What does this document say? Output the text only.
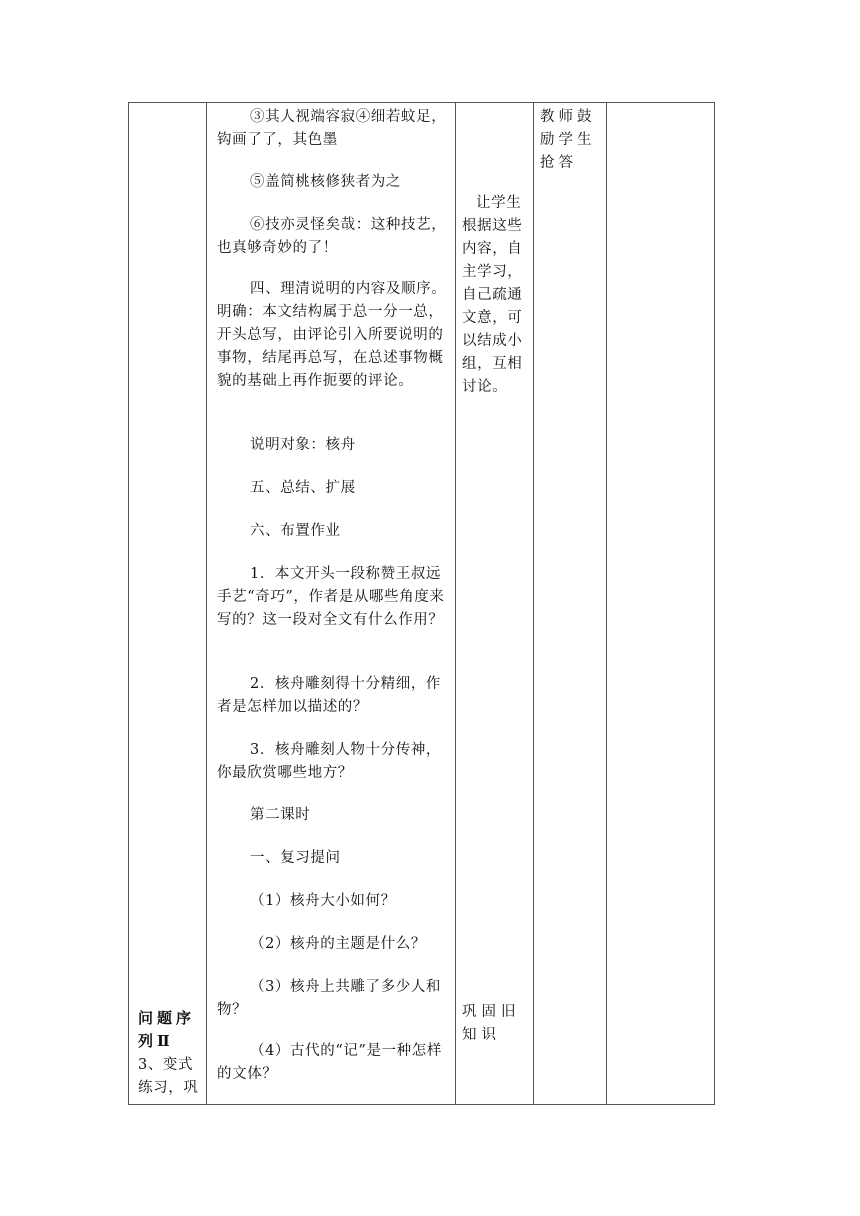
问题序列Ⅱ
3、变式练习，巩
③其人视端容寂④细若蚊足，钩画了了，其色墨
⑤盖简桃核修狭者为之
⑥技亦灵怪矣哉：这种技艺，也真够奇妙的了！
四、理清说明的内容及顺序。　明确：本文结构属于总一分一总，开头总写，由评论引入所要说明的事物，结尾再总写，在总述事物概貌的基础上再作扼要的评论。
说明对象：核舟
五、总结、扩展
六、布置作业
1．本文开头一段称赞王叔远手艺“奇巧”，作者是从哪些角度来写的？这一段对全文有什么作用？
2．核舟雕刻得十分精细，作者是怎样加以描述的？
3．核舟雕刻人物十分传神，你最欣赏哪些地方？
第二课时
一、复习提问
（1）核舟大小如何？
（2）核舟的主题是什么？
（3）核舟上共雕了多少人和物？
（4）古代的“记”是一种怎样的文体？
让学生根据这些内容，自主学习，自己疏通文意，可以结成小组，互相讨论。
巩固旧知识
教师鼓励学生抢答
